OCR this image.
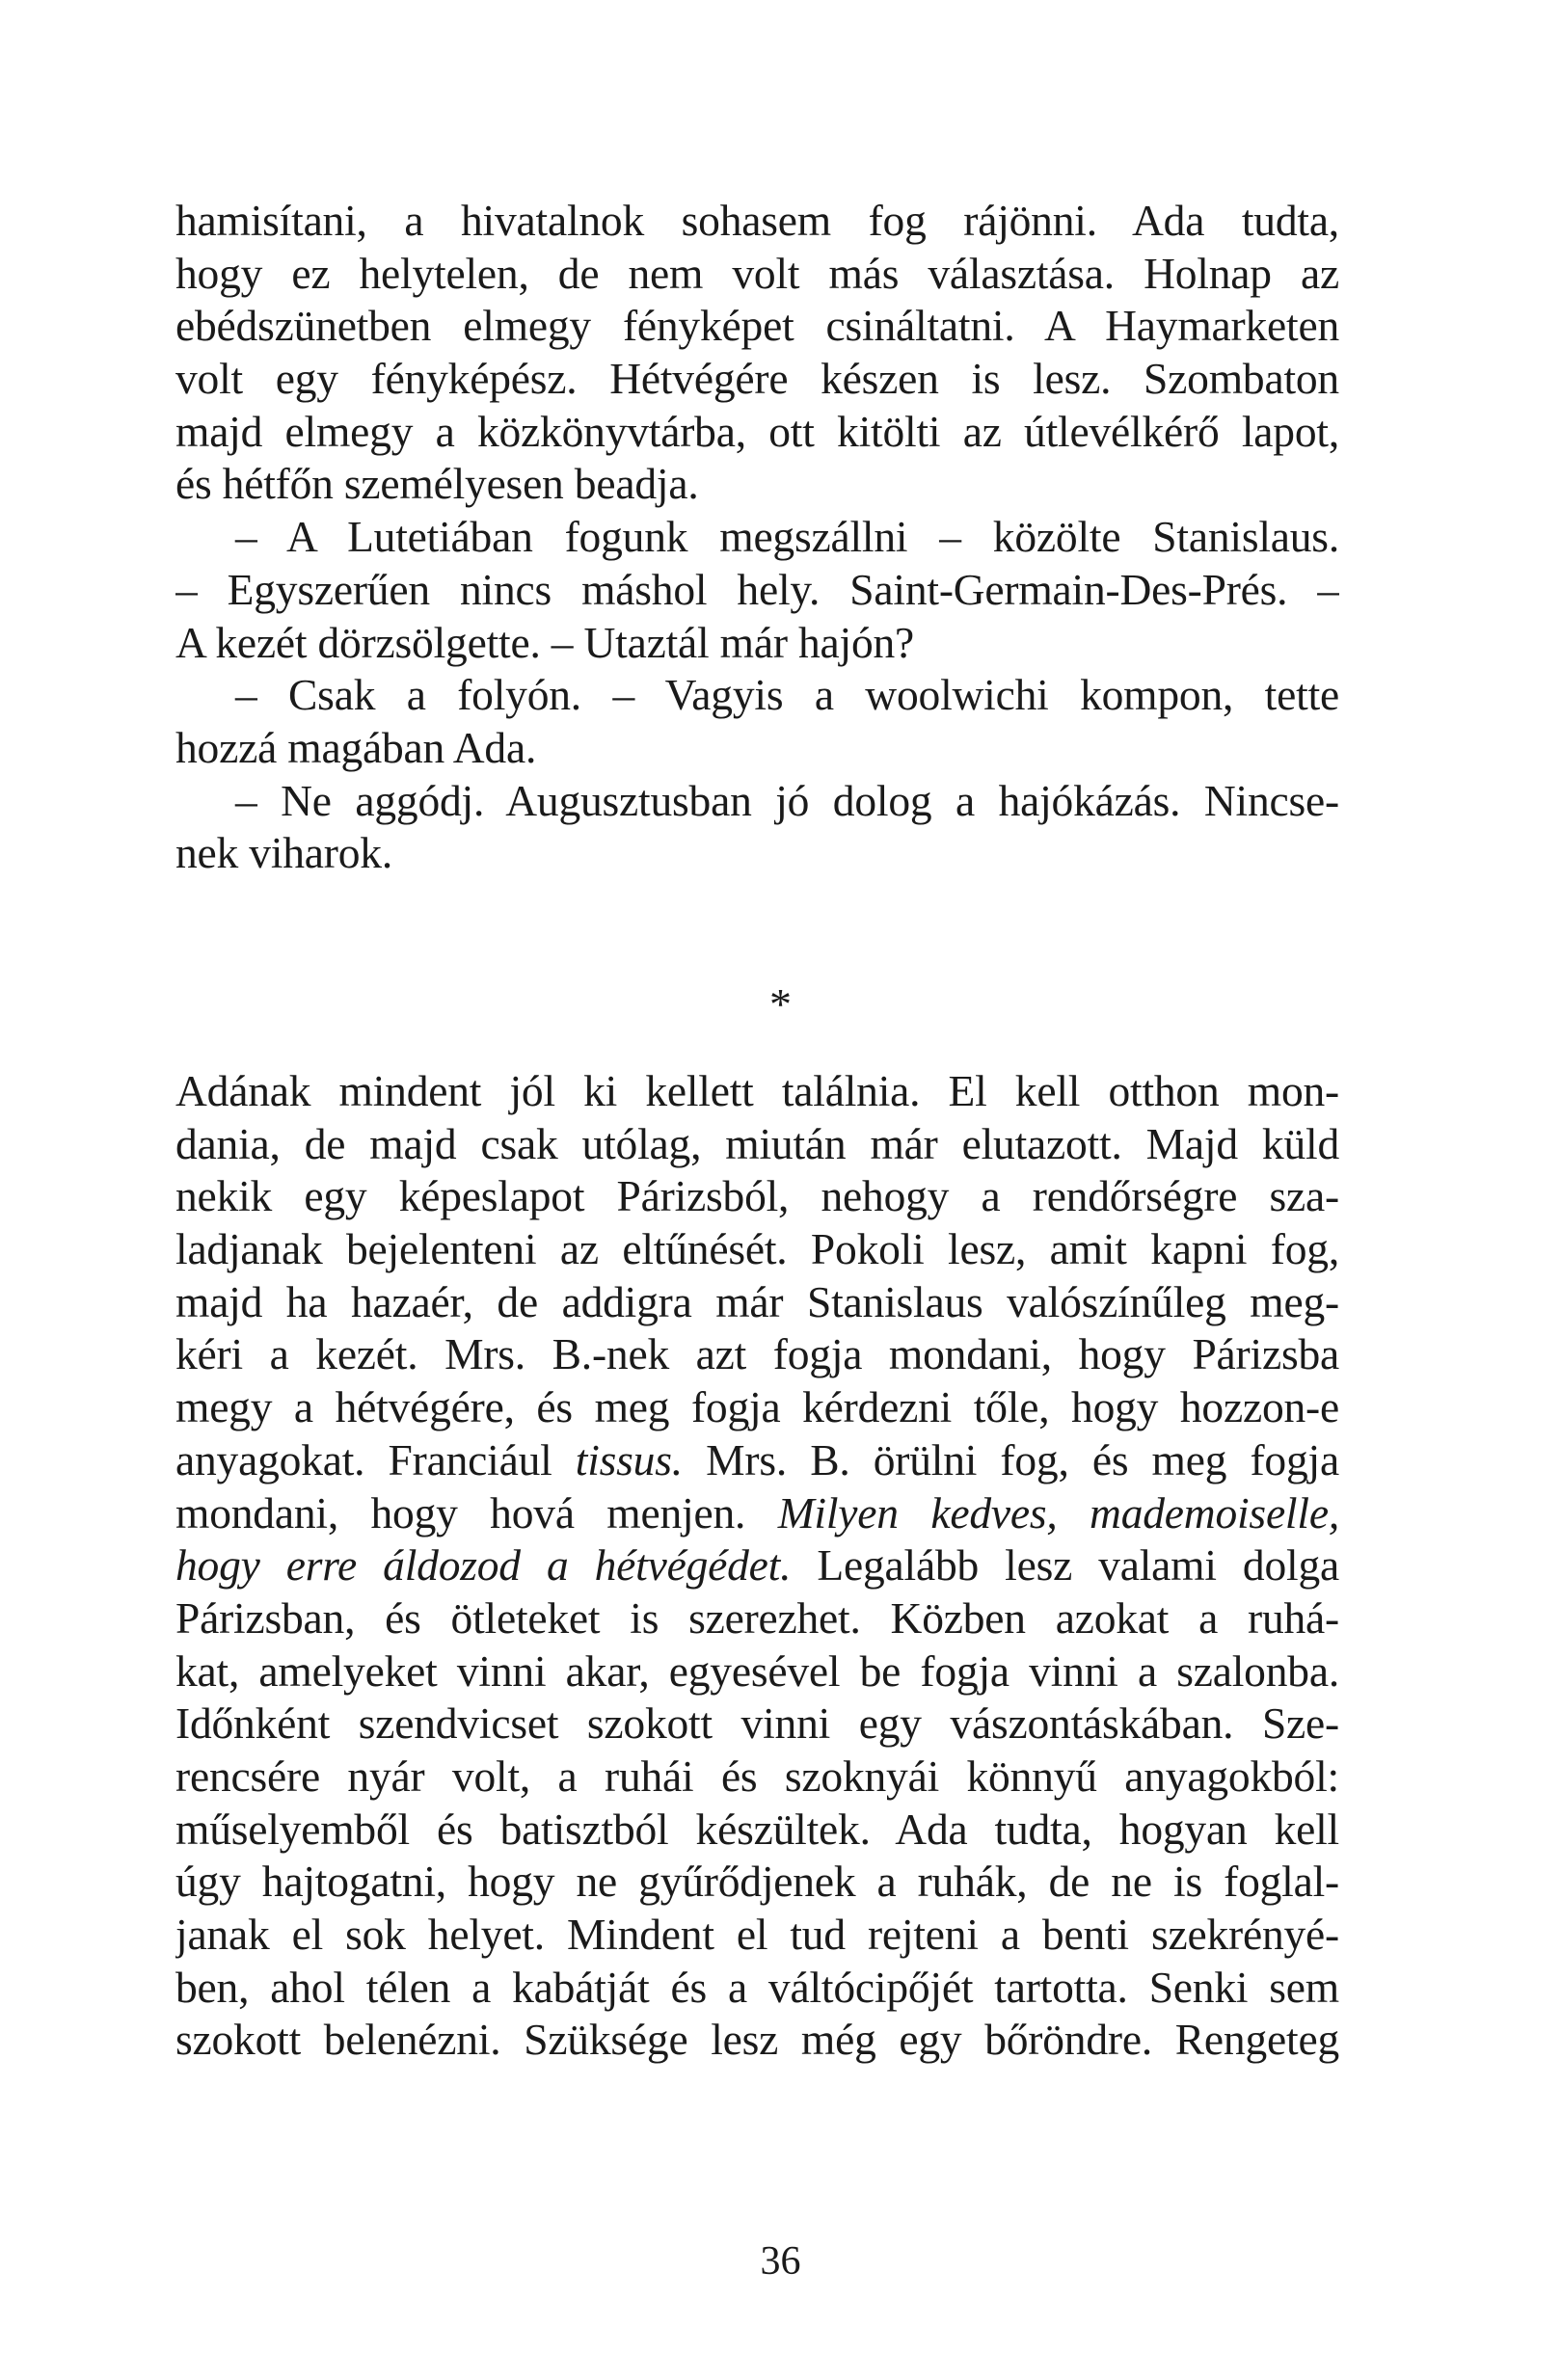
hamisítani, a hivatalnok sohasem fog rájönni. Ada tudta,
hogy ez helytelen, de nem volt más választása. Holnap az
ebédszünetben elmegy fényképet csináltatni. A Haymarketen
volt egy fényképész. Hétvégére készen is lesz. Szombaton
majd elmegy a közkönyvtárba, ott kitölti az útlevélkérő lapot,
és hétfőn személyesen beadja.
– A Lutetiában fogunk megszállni – közölte Stanislaus.
– Egyszerűen nincs máshol hely. Saint-Germain-Des-Prés. –
A kezét dörzsölgette. – Utaztál már hajón?
– Csak a folyón. – Vagyis a woolwichi kompon, tette
hozzá magában Ada.
– Ne aggódj. Augusztusban jó dolog a hajókázás. Nincse-
nek viharok.
*
Adának mindent jól ki kellett találnia. El kell otthon mon-
dania, de majd csak utólag, miután már elutazott. Majd küld
nekik egy képeslapot Párizsból, nehogy a rendőrségre sza-
ladjanak bejelenteni az eltűnését. Pokoli lesz, amit kapni fog,
majd ha hazaér, de addigra már Stanislaus valószínűleg meg-
kéri a kezét. Mrs. B.-nek azt fogja mondani, hogy Párizsba
megy a hétvégére, és meg fogja kérdezni tőle, hogy hozzon-e
anyagokat. Franciául tissus. Mrs. B. örülni fog, és meg fogja
mondani, hogy hová menjen. Milyen kedves, mademoiselle,
hogy erre áldozod a hétvégédet. Legalább lesz valami dolga
Párizsban, és ötleteket is szerezhet. Közben azokat a ruhá-
kat, amelyeket vinni akar, egyesével be fogja vinni a szalonba.
Időnként szendvicset szokott vinni egy vászontáskában. Sze-
rencsére nyár volt, a ruhái és szoknyái könnyű anyagokból:
műselyemből és batisztból készültek. Ada tudta, hogyan kell
úgy hajtogatni, hogy ne gyűrődjenek a ruhák, de ne is foglal-
janak el sok helyet. Mindent el tud rejteni a benti szekrényé-
ben, ahol télen a kabátját és a váltócipőjét tartotta. Senki sem
szokott belenézni. Szüksége lesz még egy bőröndre. Rengeteg
36
